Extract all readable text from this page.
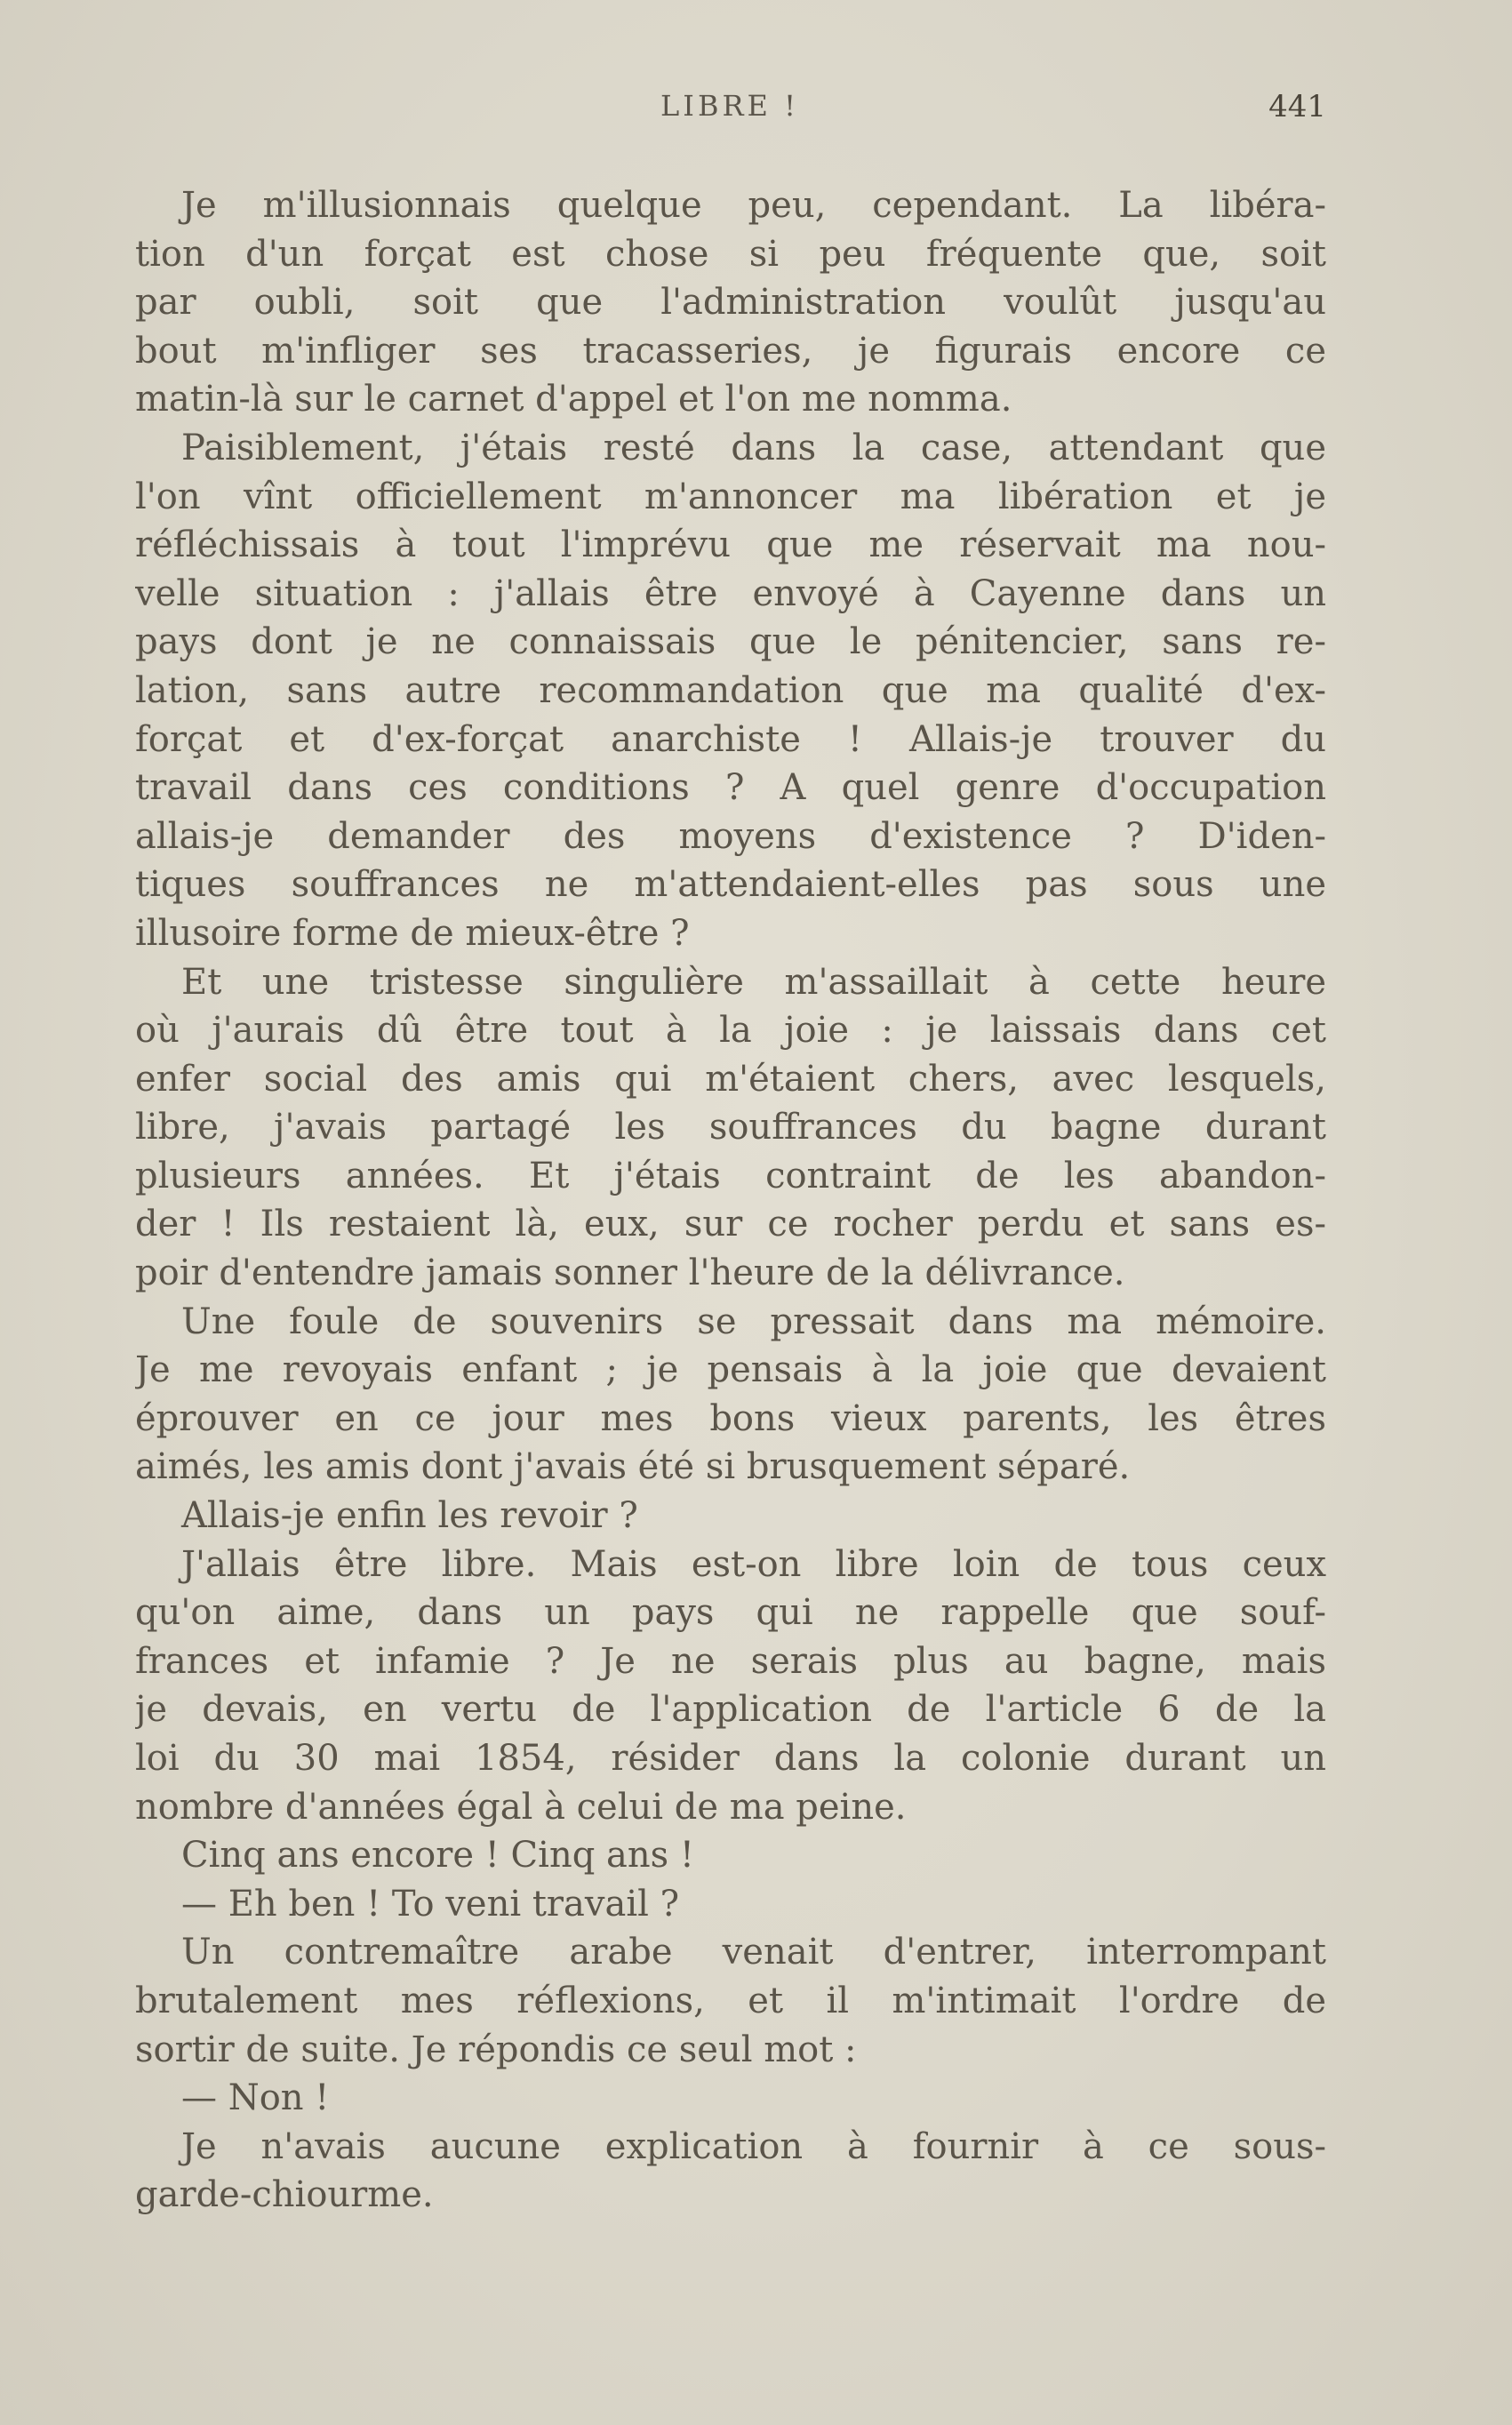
LIBRE !	441
Je m'illusionnais quelque peu, cependant. La libéra-
tion d'un forçat est chose si peu fréquente que, soit
par oubli, soit que l'administration voulût jusqu'au
bout m'infliger ses tracasseries, je figurais encore ce
matin-là sur le carnet d'appel et l'on me nomma.
Paisiblement, j'étais resté dans la case, attendant que
l'on vînt officiellement m'annoncer ma libération et je
réfléchissais à tout l'imprévu que me réservait ma nou-
velle situation : j'allais être envoyé à Cayenne dans un
pays dont je ne connaissais que le pénitencier, sans re-
lation, sans autre recommandation que ma qualité d'ex-
forçat et d'ex-forçat anarchiste ! Allais-je trouver du
travail dans ces conditions ? A quel genre d'occupation
allais-je demander des moyens d'existence ? D'iden-
tiques souffrances ne m'attendaient-elles pas sous une
illusoire forme de mieux-être ?
Et une tristesse singulière m'assaillait à cette heure
où j'aurais dû être tout à la joie : je laissais dans cet
enfer social des amis qui m'étaient chers, avec lesquels,
libre, j'avais partagé les souffrances du bagne durant
plusieurs années. Et j'étais contraint de les abandon-
der ! Ils restaient là, eux, sur ce rocher perdu et sans es-
poir d'entendre jamais sonner l'heure de la délivrance.
Une foule de souvenirs se pressait dans ma mémoire.
Je me revoyais enfant ; je pensais à la joie que devaient
éprouver en ce jour mes bons vieux parents, les êtres
aimés, les amis dont j'avais été si brusquement séparé.
Allais-je enfin les revoir ?
J'allais être libre. Mais est-on libre loin de tous ceux
qu'on aime, dans un pays qui ne rappelle que souf-
frances et infamie ? Je ne serais plus au bagne, mais
je devais, en vertu de l'application de l'article 6 de la
loi du 30 mai 1854, résider dans la colonie durant un
nombre d'années égal à celui de ma peine.
Cinq ans encore ! Cinq ans !
— Eh ben ! To veni travail ?
Un contremaître arabe venait d'entrer, interrompant
brutalement mes réflexions, et il m'intimait l'ordre de
sortir de suite. Je répondis ce seul mot :
— Non !
Je n'avais aucune explication à fournir à ce sous-
garde-chiourme.
